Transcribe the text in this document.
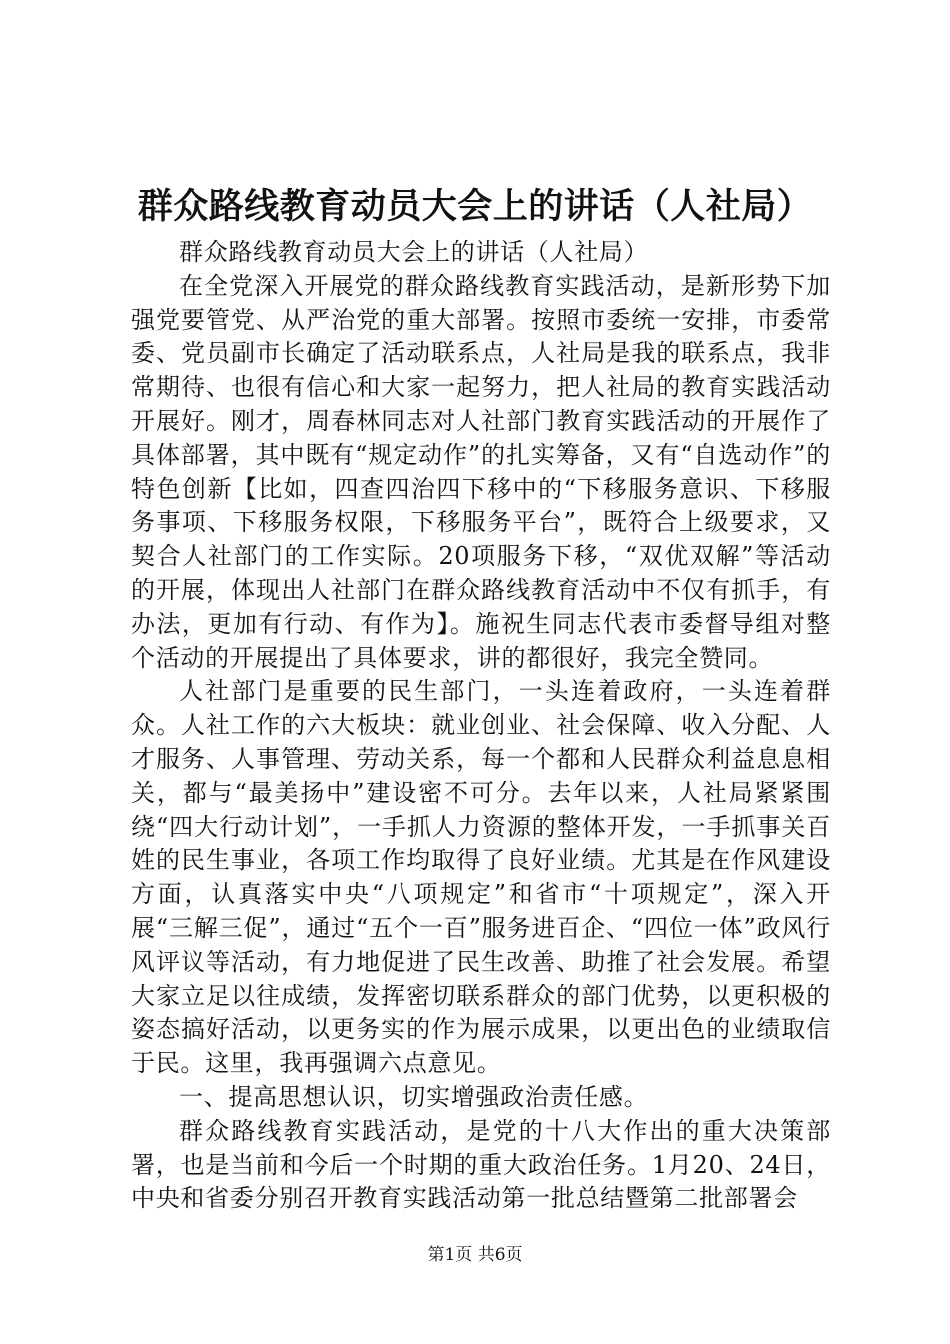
群众路线教育动员大会上的讲话（人社局）

群众路线教育动员大会上的讲话（人社局）

在全党深入开展党的群众路线教育实践活动，是新形势下加强党要管党、从严治党的重大部署。按照市委统一安排，市委常委、党员副市长确定了活动联系点，人社局是我的联系点，我非常期待、也很有信心和大家一起努力，把人社局的教育实践活动开展好。刚才，周春林同志对人社部门教育实践活动的开展作了具体部署，其中既有“规定动作”的扎实筹备，又有“自选动作”的特色创新【比如，四查四治四下移中的“下移服务意识、下移服务事项、下移服务权限，下移服务平台”，既符合上级要求，又契合人社部门的工作实际。20项服务下移，“双优双解”等活动的开展，体现出人社部门在群众路线教育活动中不仅有抓手，有办法，更加有行动、有作为】。施祝生同志代表市委督导组对整个活动的开展提出了具体要求，讲的都很好，我完全赞同。

人社部门是重要的民生部门，一头连着政府，一头连着群众。人社工作的六大板块：就业创业、社会保障、收入分配、人才服务、人事管理、劳动关系，每一个都和人民群众利益息息相关，都与“最美扬中”建设密不可分。去年以来，人社局紧紧围绕“四大行动计划”，一手抓人力资源的整体开发，一手抓事关百姓的民生事业，各项工作均取得了良好业绩。尤其是在作风建设方面，认真落实中央“八项规定”和省市“十项规定”，深入开展“三解三促”，通过“五个一百”服务进百企、“四位一体”政风行风评议等活动，有力地促进了民生改善、助推了社会发展。希望大家立足以往成绩，发挥密切联系群众的部门优势，以更积极的姿态搞好活动，以更务实的作为展示成果，以更出色的业绩取信于民。这里，我再强调六点意见。

一、提高思想认识，切实增强政治责任感。

群众路线教育实践活动，是党的十八大作出的重大决策部署，也是当前和今后一个时期的重大政治任务。1月20、24日，中央和省委分别召开教育实践活动第一批总结暨第二批部署会

第1页 共6页
